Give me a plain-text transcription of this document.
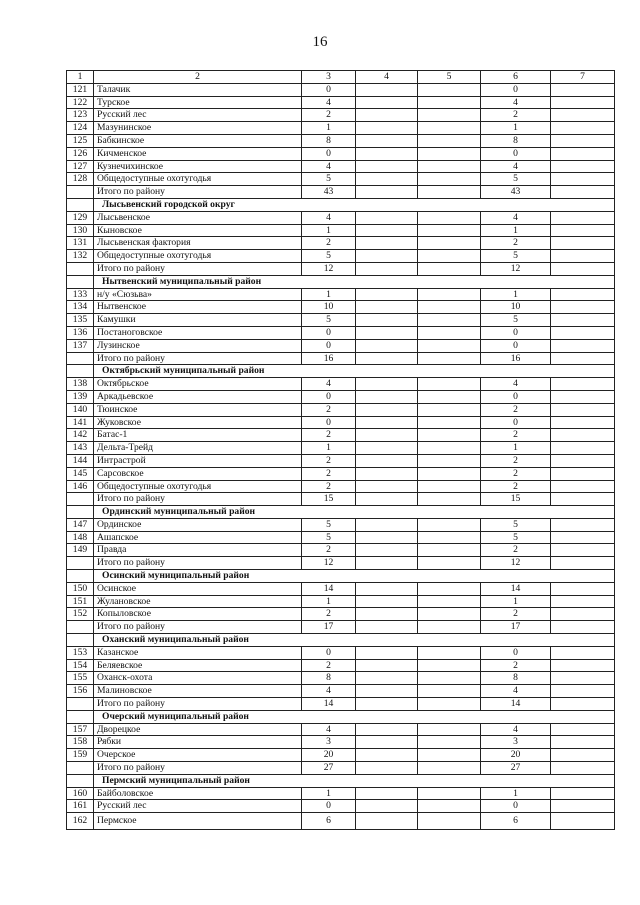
16
1	2	3	4	5	6	7
121	Талачик	0			0	
122	Турское	4			4	
123	Русский лес	2			2	
124	Мазунинское	1			1	
125	Бабкинское	8			8	
126	Кичменское	0			0	
127	Кузнечихинское	4			4	
128	Общедоступные охотугодья	5			5	
	Итого по району	43			43	
	Лысьвенский городской округ					
129	Лысьвенское	4			4	
130	Кыновское	1			1	
131	Лысьвенская фактория	2			2	
132	Общедоступные охотугодья	5			5	
	Итого по району	12			12	
	Нытвенский муниципальный район					
133	н/у «Сюзьва»	1			1	
134	Нытвенское	10			10	
135	Камушки	5			5	
136	Постаноговское	0			0	
137	Лузинское	0			0	
	Итого по району	16			16	
	Октябрьский муниципальный район					
138	Октябрьское	4			4	
139	Аркадьевское	0			0	
140	Тюинское	2			2	
141	Жуковское	0			0	
142	Батас-1	2			2	
143	Дельта-Трейд	1			1	
144	Интрастрой	2			2	
145	Сарсовское	2			2	
146	Общедоступные охотугодья	2			2	
	Итого по району	15			15	
	Ординский муниципальный район					
147	Ординское	5			5	
148	Ашапское	5			5	
149	Правда	2			2	
	Итого по району	12			12	
	Осинский муниципальный район					
150	Осинское	14			14	
151	Жулановское	1			1	
152	Копыловское	2			2	
	Итого по району	17			17	
	Оханский муниципальный район					
153	Казанское	0			0	
154	Беляевское	2			2	
155	Оханск-охота	8			8	
156	Малиновское	4			4	
	Итого по району	14			14	
	Очерский муниципальный район					
157	Дворецкое	4			4	
158	Рябки	3			3	
159	Очерское	20			20	
	Итого по району	27			27	
	Пермский муниципальный район					
160	Байболовское	1			1	
161	Русский лес	0			0	
162	Пермское	6			6	
